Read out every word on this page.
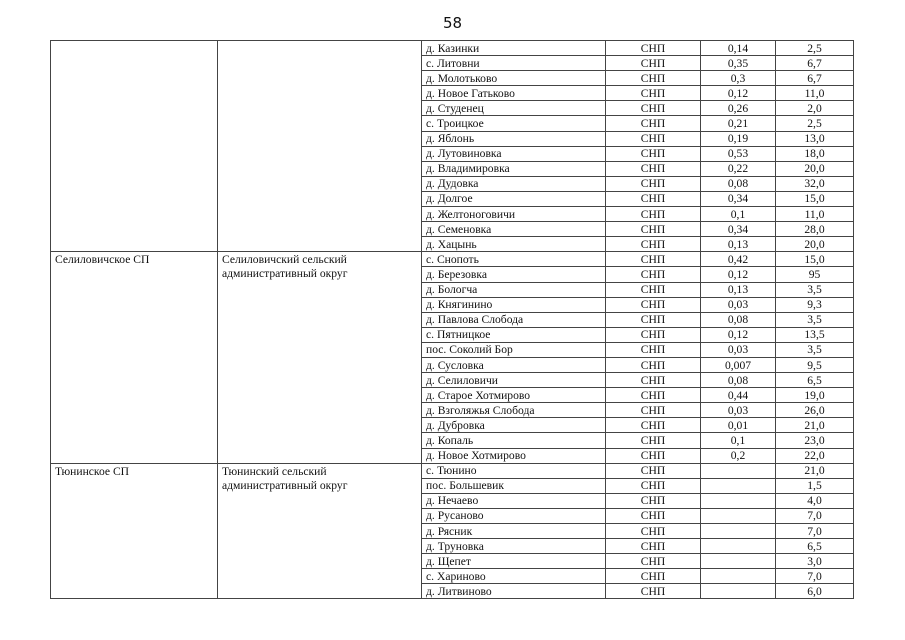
58
		д. Казинки	СНП	0,14	2,5
		с. Литовни	СНП	0,35	6,7
		д. Молотьково	СНП	0,3	6,7
		д. Новое Гатьково	СНП	0,12	11,0
		д. Студенец	СНП	0,26	2,0
		с. Троицкое	СНП	0,21	2,5
		д. Яблонь	СНП	0,19	13,0
		д. Лутовиновка	СНП	0,53	18,0
		д. Владимировка	СНП	0,22	20,0
		д. Дудовка	СНП	0,08	32,0
		д. Долгое	СНП	0,34	15,0
		д. Желтоноговичи	СНП	0,1	11,0
		д. Семеновка	СНП	0,34	28,0
		д. Хацынь	СНП	0,13	20,0
Селиловичское СП	Селиловичский сельский административный округ	с. Снопоть	СНП	0,42	15,0
		д. Березовка	СНП	0,12	95
		д. Бологча	СНП	0,13	3,5
		д. Княгинино	СНП	0,03	9,3
		д. Павлова Слобода	СНП	0,08	3,5
		с. Пятницкое	СНП	0,12	13,5
		пос. Соколий Бор	СНП	0,03	3,5
		д. Сусловка	СНП	0,007	9,5
		д. Селиловичи	СНП	0,08	6,5
		д. Старое Хотмирово	СНП	0,44	19,0
		д. Взголяжья Слобода	СНП	0,03	26,0
		д. Дубровка	СНП	0,01	21,0
		д. Копаль	СНП	0,1	23,0
		д. Новое Хотмирово	СНП	0,2	22,0
Тюнинское СП	Тюнинский сельский административный округ	с. Тюнино	СНП		21,0
		пос. Большевик	СНП		1,5
		д. Нечаево	СНП		4,0
		д. Русаново	СНП		7,0
		д. Рясник	СНП		7,0
		д. Труновка	СНП		6,5
		д. Щепет	СНП		3,0
		с. Хариново	СНП		7,0
		д. Литвиново	СНП		6,0
